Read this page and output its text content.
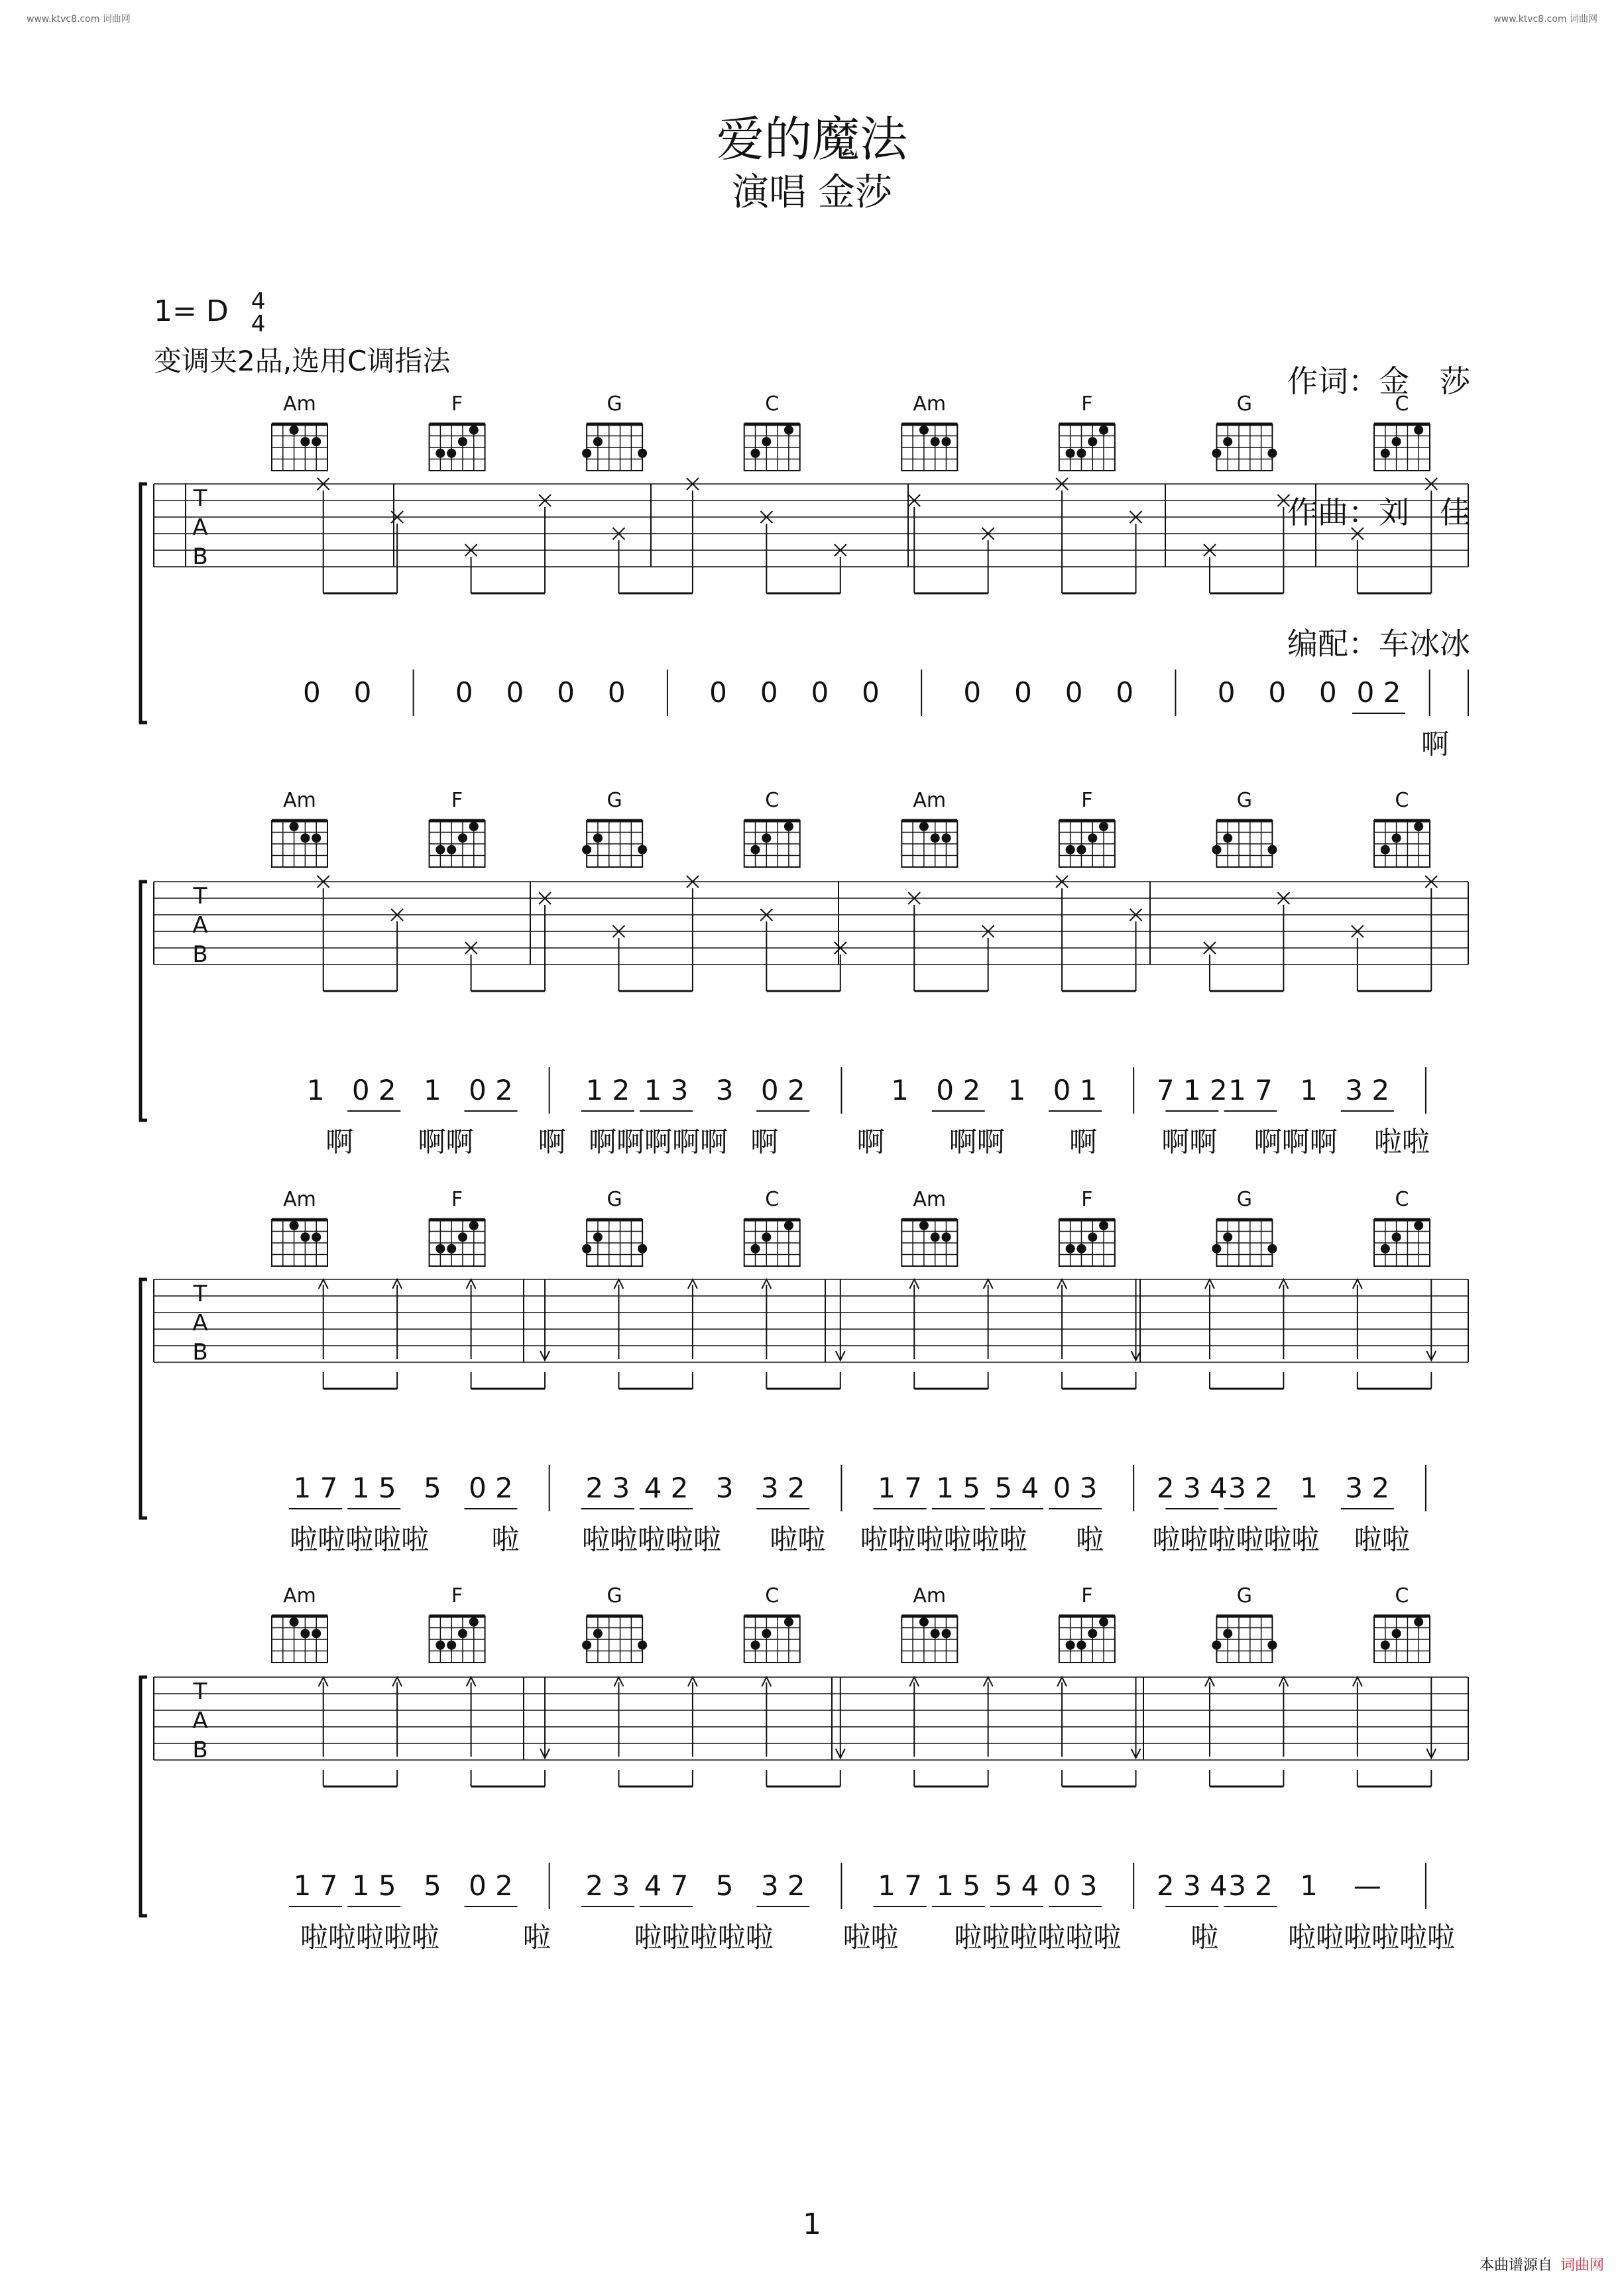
www.ktvc8.com 词曲网	www.ktvc8.com 词曲网
爱的魔法
演唱 金莎

作词：金　莎

作曲：刘　佳

编配：车冰冰

1= D 4
4
变调夹2品,选用C调指法
Am	F	G	C	Am	F	G	C
T
A
B
0	0	0	0	0	0	0	0	0	0	0	0	0	0	0	0	0 0 2
啊
Am	F	G	C	Am	F	G	C
T
A
B
1 0 2 1 0 2	1 2 1 3 3 0 2	1 0 2 1 0 1	7 1 2 1 7 1 3 2
啊	啊啊	啊 啊啊啊啊啊 啊	啊	啊啊	啊	啊啊	啊啊啊	啦啦
Am	F	G	C	Am	F	G	C
T
A
B
1 7 1 5 5 0 2	2 3 4 2 3 3 2	1 7 1 5 5 4 0 3	2 3 4 3 2 1 3 2
啦啦啦啦啦	啦	啦啦啦啦啦	啦啦	啦啦啦啦啦啦	啦	啦啦啦啦啦啦	啦啦
Am	F	G	C	Am	F	G	C
T
A
B
1 7 1 5 5 0 2	2 3 4 7 5 3 2	1 7 1 5 5 4 0 3	2 3 4 3 2 1	—
啦啦啦啦啦	啦	啦啦啦啦啦	啦啦	啦啦啦啦啦啦	啦	啦啦啦啦啦啦
1
本曲谱源自 词曲网
